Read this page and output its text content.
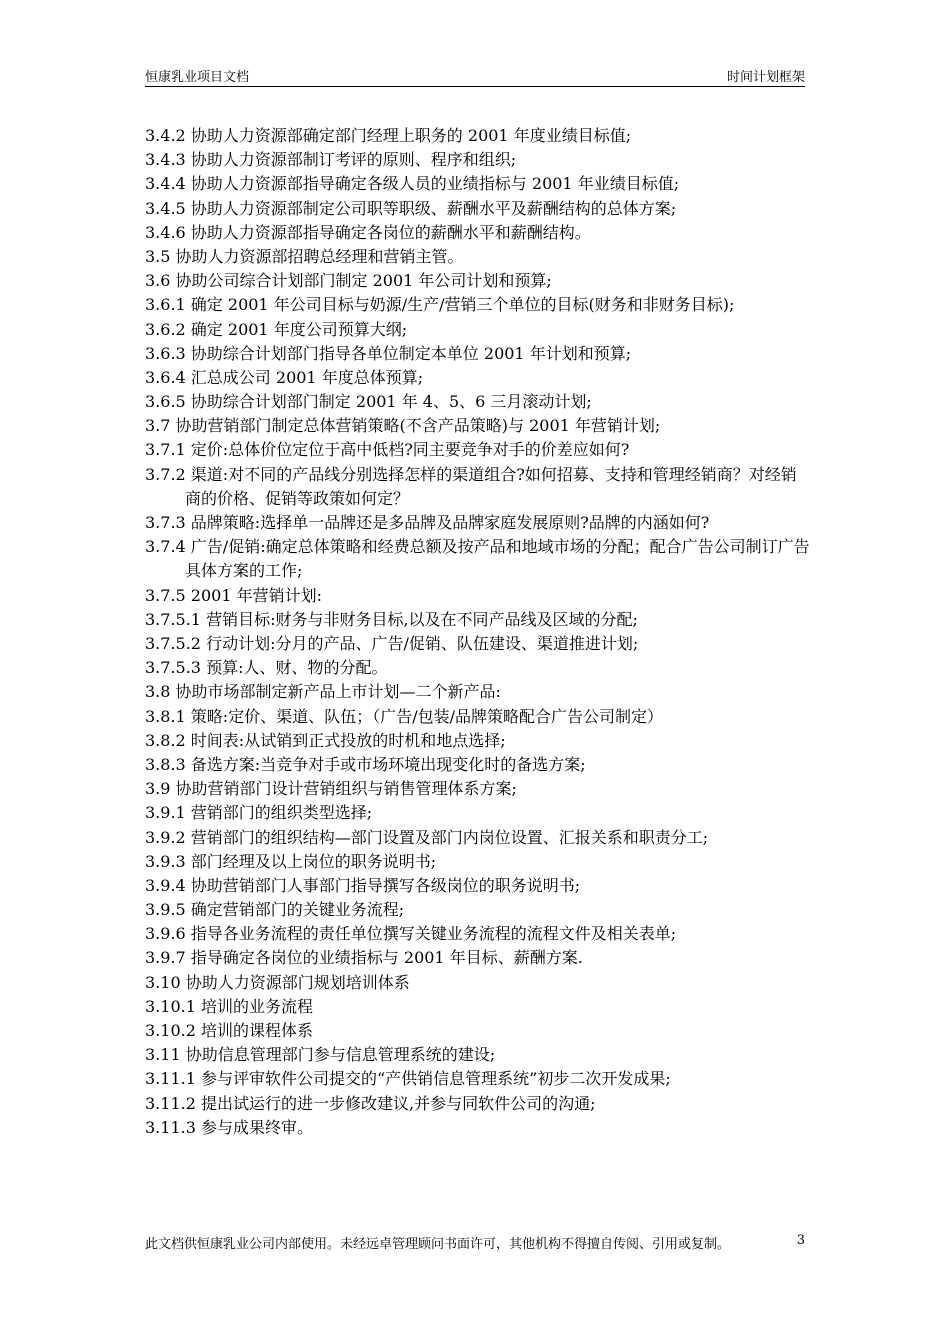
恒康乳业项目文档	时间计划框架
3.4.2 协助人力资源部确定部门经理上职务的 2001 年度业绩目标值;
3.4.3 协助人力资源部制订考评的原则、程序和组织;
3.4.4 协助人力资源部指导确定各级人员的业绩指标与 2001 年业绩目标值;
3.4.5 协助人力资源部制定公司职等职级、薪酬水平及薪酬结构的总体方案;
3.4.6 协助人力资源部指导确定各岗位的薪酬水平和薪酬结构。
3.5 协助人力资源部招聘总经理和营销主管。
3.6 协助公司综合计划部门制定 2001 年公司计划和预算;
3.6.1 确定 2001 年公司目标与奶源/生产/营销三个单位的目标(财务和非财务目标);
3.6.2 确定 2001 年度公司预算大纲;
3.6.3 协助综合计划部门指导各单位制定本单位 2001 年计划和预算;
3.6.4 汇总成公司 2001 年度总体预算;
3.6.5 协助综合计划部门制定 2001 年 4、5、6 三月滚动计划;
3.7 协助营销部门制定总体营销策略(不含产品策略)与 2001 年营销计划;
3.7.1 定价:总体价位定位于高中低档?同主要竞争对手的价差应如何?
3.7.2 渠道:对不同的产品线分别选择怎样的渠道组合?如何招募、支持和管理经销商？对经销商的价格、促销等政策如何定？
3.7.3 品牌策略:选择单一品牌还是多品牌及品牌家庭发展原则?品牌的内涵如何?
3.7.4 广告/促销:确定总体策略和经费总额及按产品和地域市场的分配；配合广告公司制订广告具体方案的工作;
3.7.5 2001 年营销计划:
3.7.5.1 营销目标:财务与非财务目标,以及在不同产品线及区域的分配;
3.7.5.2 行动计划:分月的产品、广告/促销、队伍建设、渠道推进计划;
3.7.5.3 预算:人、财、物的分配。
3.8 协助市场部制定新产品上市计划—二个新产品:
3.8.1 策略:定价、渠道、队伍；（广告/包装/品牌策略配合广告公司制定）
3.8.2 时间表:从试销到正式投放的时机和地点选择;
3.8.3 备选方案:当竞争对手或市场环境出现变化时的备选方案;
3.9 协助营销部门设计营销组织与销售管理体系方案;
3.9.1 营销部门的组织类型选择;
3.9.2 营销部门的组织结构—部门设置及部门内岗位设置、汇报关系和职责分工;
3.9.3 部门经理及以上岗位的职务说明书;
3.9.4 协助营销部门人事部门指导撰写各级岗位的职务说明书;
3.9.5 确定营销部门的关键业务流程;
3.9.6 指导各业务流程的责任单位撰写关键业务流程的流程文件及相关表单;
3.9.7 指导确定各岗位的业绩指标与 2001 年目标、薪酬方案.
3.10 协助人力资源部门规划培训体系
3.10.1 培训的业务流程
3.10.2 培训的课程体系
3.11 协助信息管理部门参与信息管理系统的建设;
3.11.1 参与评审软件公司提交的“产供销信息管理系统”初步二次开发成果;
3.11.2 提出试运行的进一步修改建议,并参与同软件公司的沟通;
3.11.3 参与成果终审。
此文档供恒康乳业公司内部使用。未经远卓管理顾问书面许可，其他机构不得擅自传阅、引用或复制。	3
